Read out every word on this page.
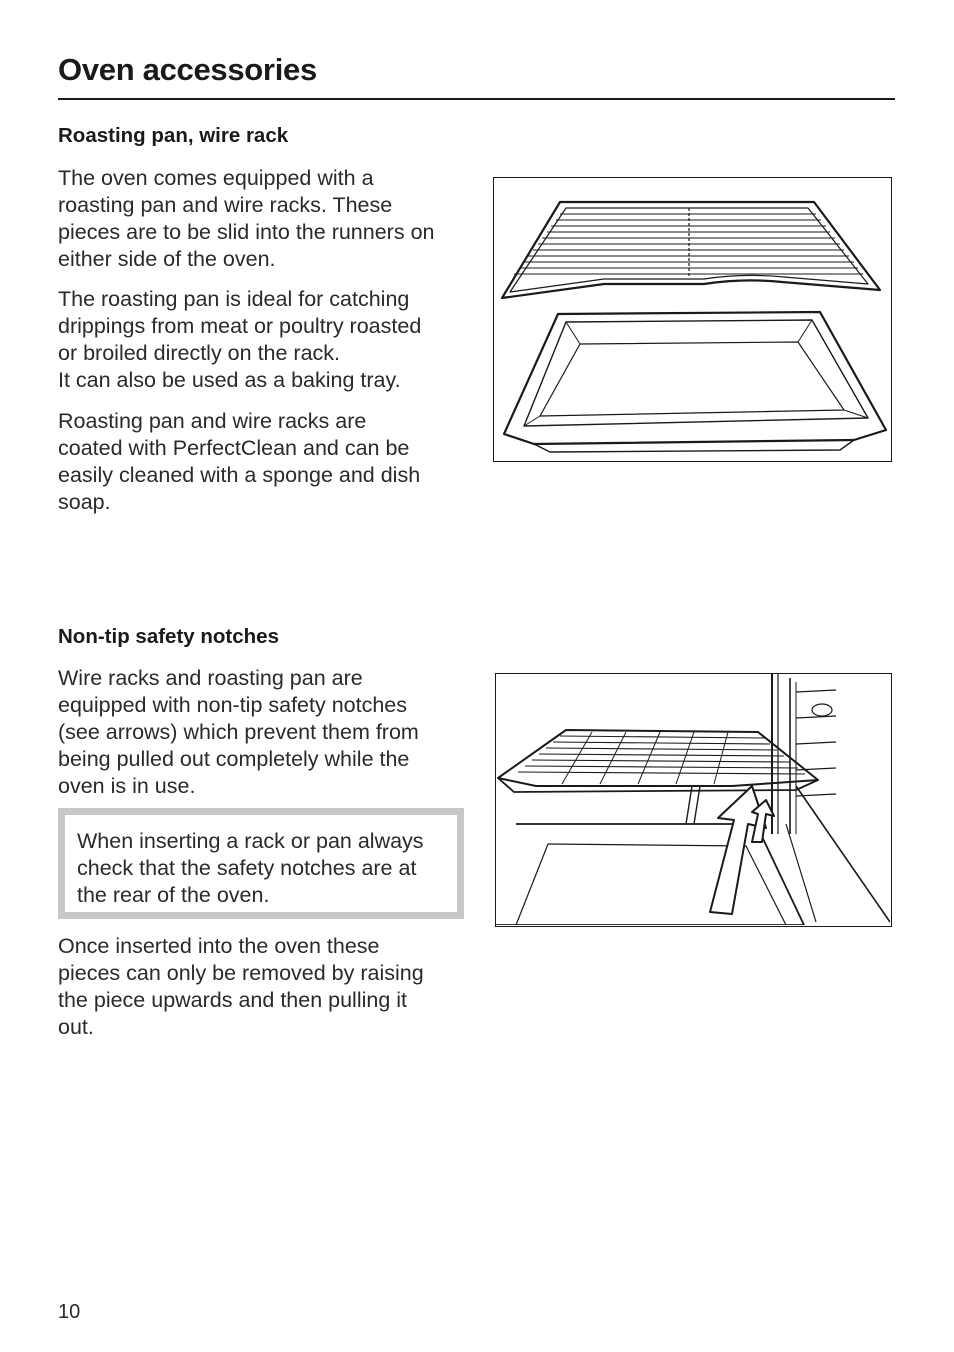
Oven accessories
Roasting pan, wire rack

The oven comes equipped with a
roasting pan and wire racks. These
pieces are to be slid into the runners on
either side of the oven.

The roasting pan is ideal for catching
drippings from meat or poultry roasted
or broiled directly on the rack.
It can also be used as a baking tray.

Roasting pan and wire racks are
coated with PerfectClean and can be
easily cleaned with a sponge and dish
soap.

Non-tip safety notches

Wire racks and roasting pan are
equipped with non-tip safety notches
(see arrows) which prevent them from
being pulled out completely while the
oven is in use.

When inserting a rack or pan always
check that the safety notches are at
the rear of the oven.

Once inserted into the oven these
pieces can only be removed by raising
the piece upwards and then pulling it
out.

10
